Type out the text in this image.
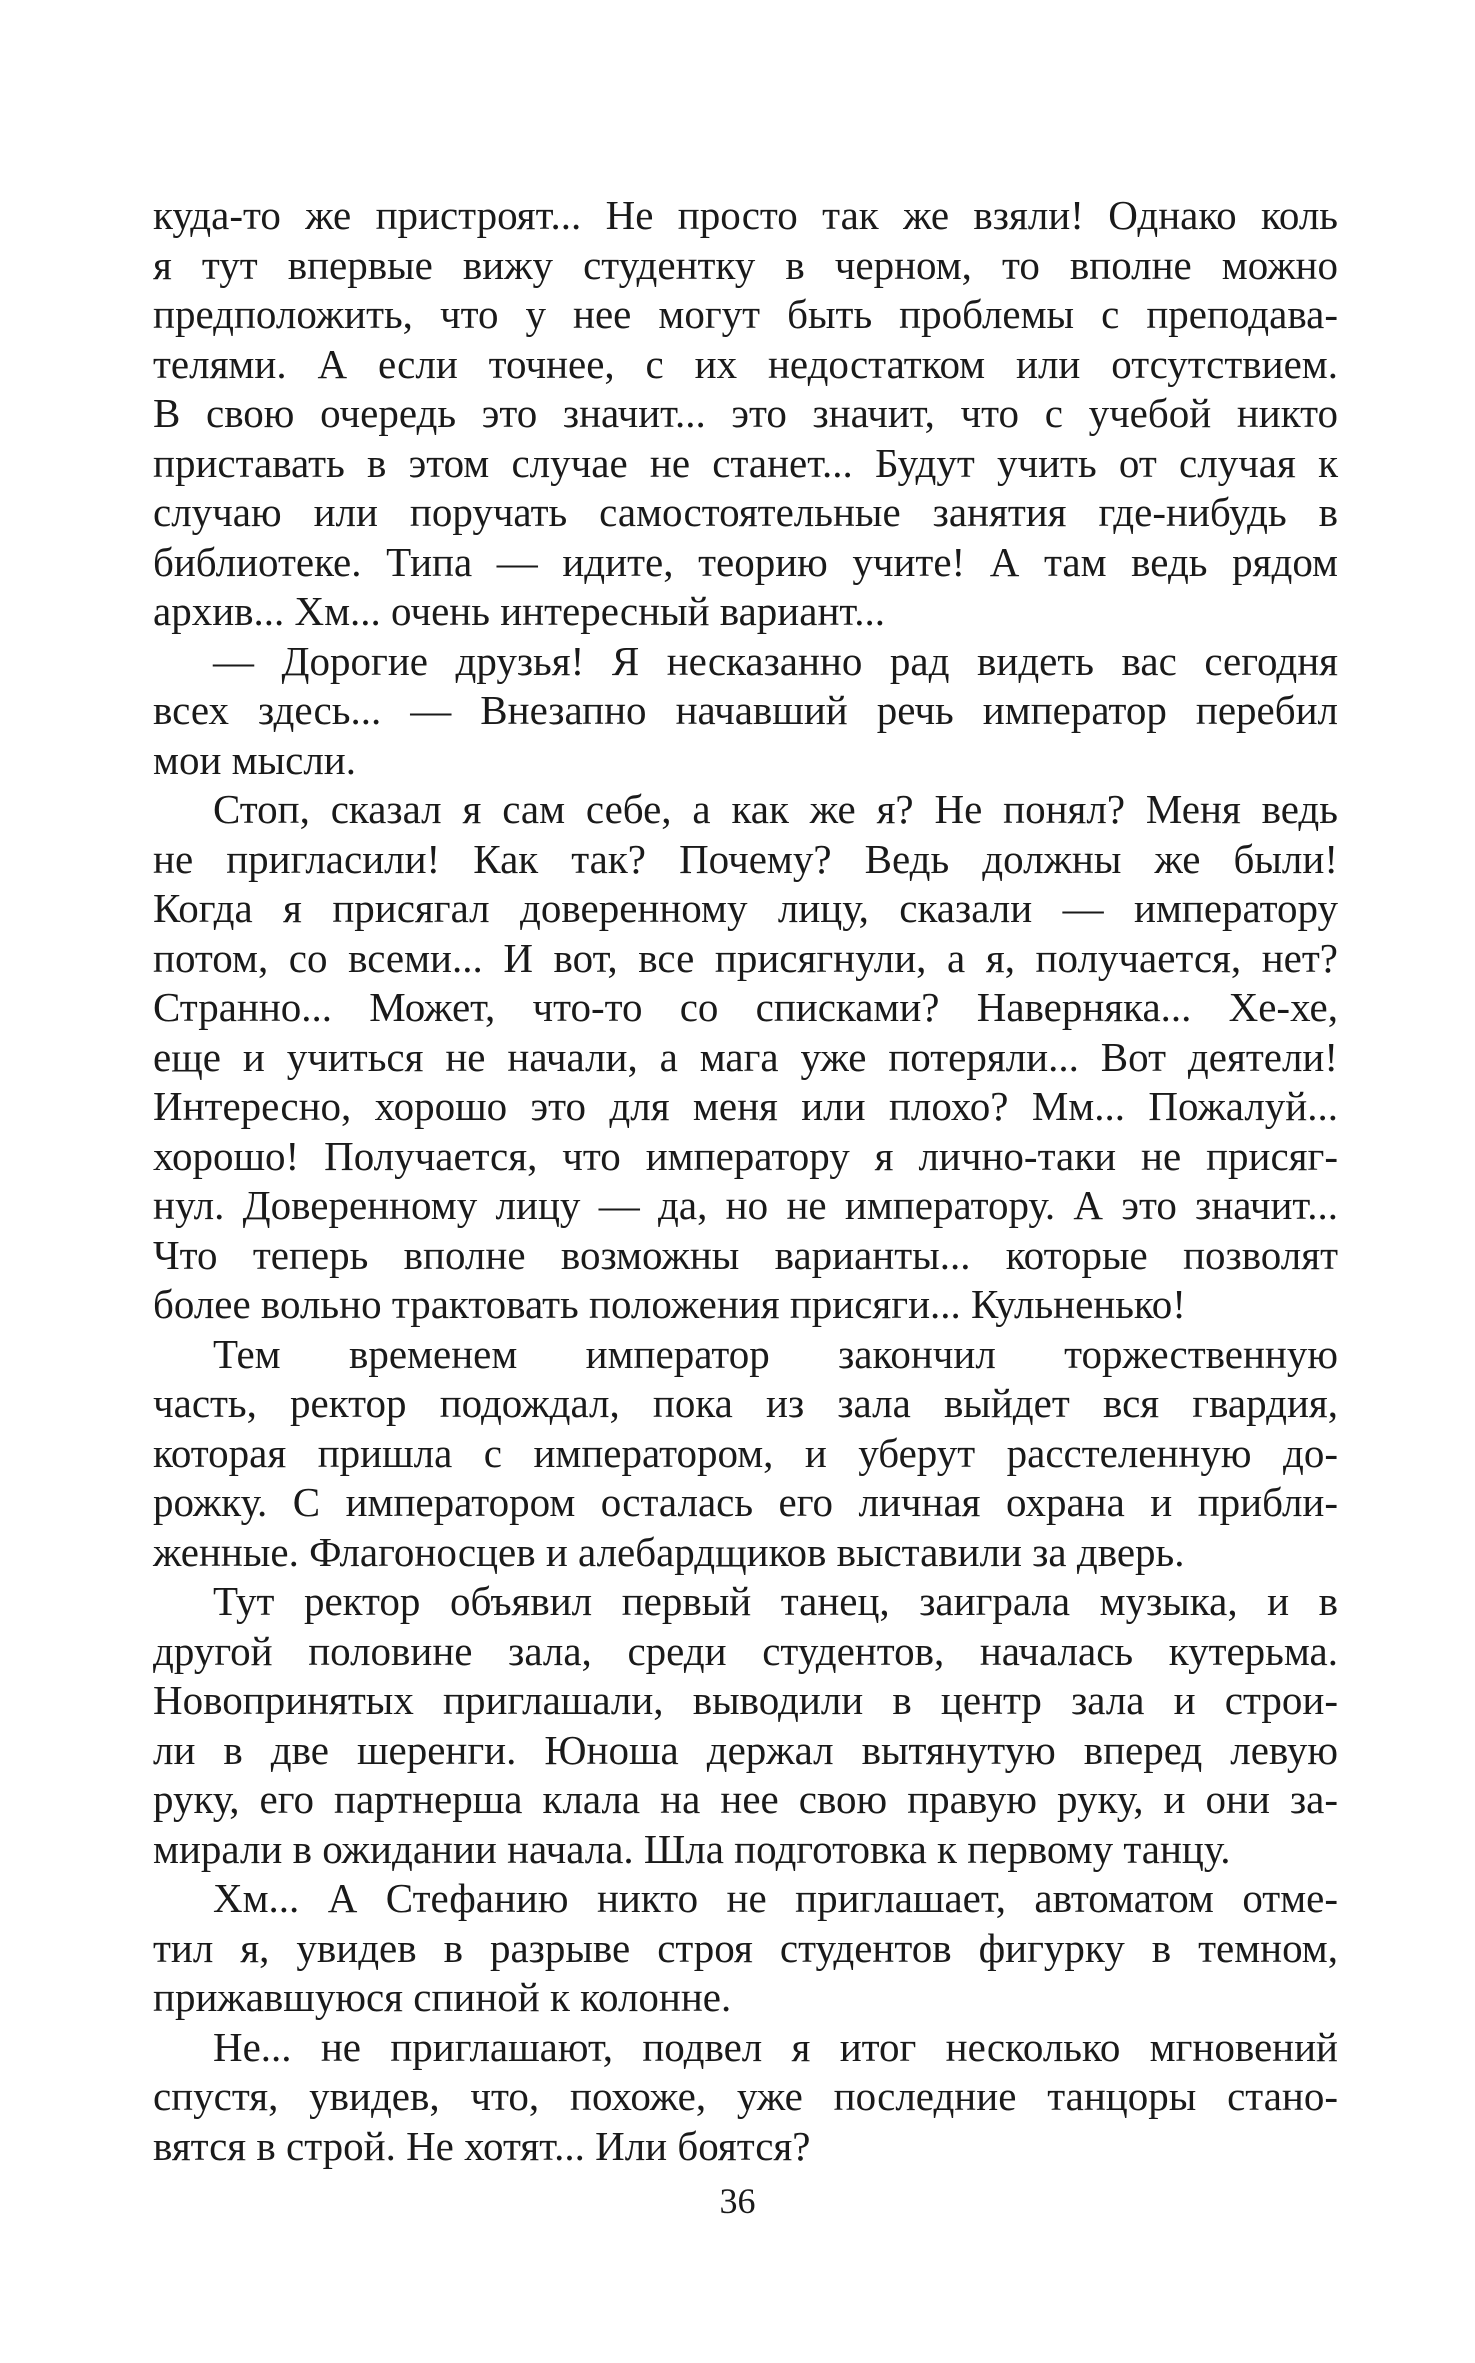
куда-то же пристроят... Не просто так же взяли! Однако коль
я тут впервые вижу студентку в черном, то вполне можно
предположить, что у нее могут быть проблемы с преподава-
телями. А если точнее, с их недостатком или отсутствием.
В свою очередь это значит... это значит, что с учебой никто
приставать в этом случае не станет... Будут учить от случая к
случаю или поручать самостоятельные занятия где-нибудь в
библиотеке. Типа — идите, теорию учите! А там ведь рядом
архив... Хм... очень интересный вариант...
— Дорогие друзья! Я несказанно рад видеть вас сегодня
всех здесь... — Внезапно начавший речь император перебил
мои мысли.
Стоп, сказал я сам себе, а как же я? Не понял? Меня ведь
не пригласили! Как так? Почему? Ведь должны же были!
Когда я присягал доверенному лицу, сказали — императору
потом, со всеми... И вот, все присягнули, а я, получается, нет?
Странно... Может, что-то со списками? Наверняка... Хе-хе,
еще и учиться не начали, а мага уже потеряли... Вот деятели!
Интересно, хорошо это для меня или плохо? Мм... Пожалуй...
хорошо! Получается, что императору я лично-таки не присяг-
нул. Доверенному лицу — да, но не императору. А это значит...
Что теперь вполне возможны варианты... которые позволят
более вольно трактовать положения присяги... Кульненько!
Тем временем император закончил торжественную
часть, ректор подождал, пока из зала выйдет вся гвардия,
которая пришла с императором, и уберут расстеленную до-
рожку. С императором осталась его личная охрана и прибли-
женные. Флагоносцев и алебардщиков выставили за дверь.
Тут ректор объявил первый танец, заиграла музыка, и в
другой половине зала, среди студентов, началась кутерьма.
Новопринятых приглашали, выводили в центр зала и строи-
ли в две шеренги. Юноша держал вытянутую вперед левую
руку, его партнерша клала на нее свою правую руку, и они за-
мирали в ожидании начала. Шла подготовка к первому танцу.
Хм... А Стефанию никто не приглашает, автоматом отме-
тил я, увидев в разрыве строя студентов фигурку в темном,
прижавшуюся спиной к колонне.
Не... не приглашают, подвел я итог несколько мгновений
спустя, увидев, что, похоже, уже последние танцоры стано-
вятся в строй. Не хотят... Или боятся?
36
